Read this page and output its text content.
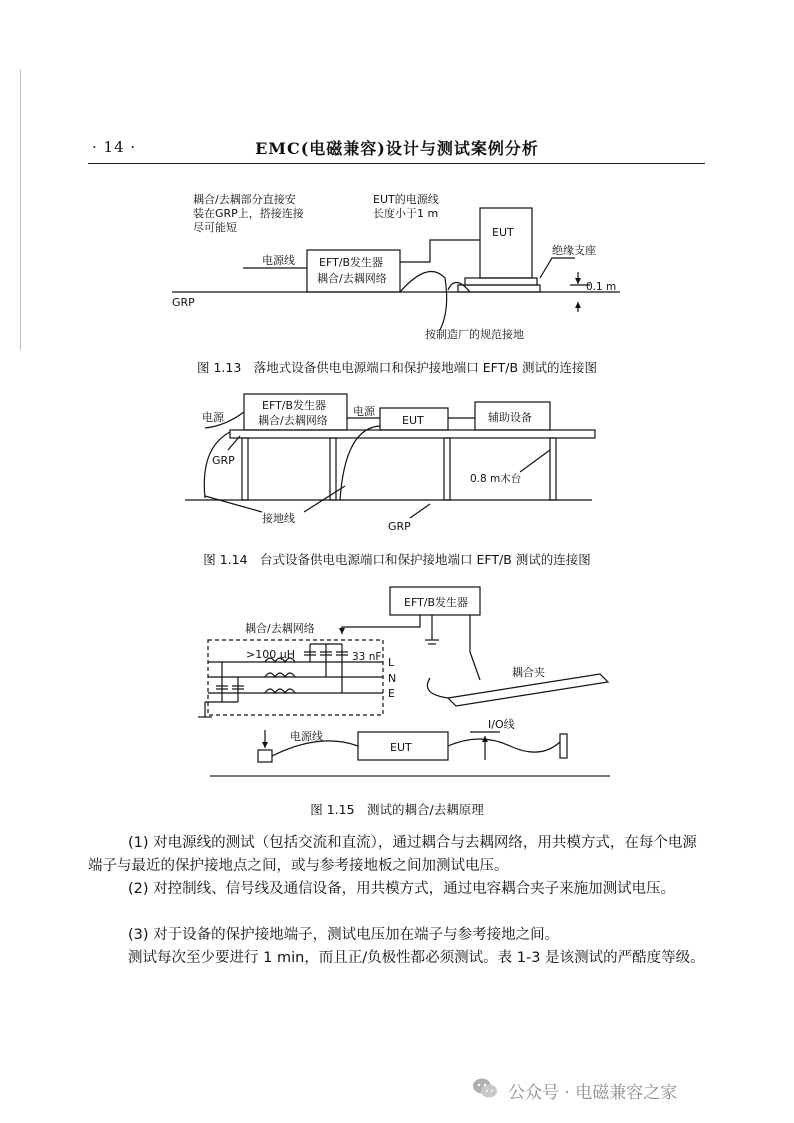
· 14 ·	EMC(电磁兼容)设计与测试案例分析
耦合/去耦部分直接安
装在GRP上，搭接连接
尽可能短
EUT的电源线
长度小于1 m
EUT
绝缘支座
电源线 EFT/B发生器
耦合/去耦网络
0.1 m
GRP
按制造厂的规范接地
图 1.13　落地式设备供电电源端口和保护接地端口 EFT/B 测试的连接图
电源
EFT/B发生器
耦合/去耦网络
电源
EUT	辅助设备
GRP
0.8 m木台
接地线
GRP
图 1.14　台式设备供电电源端口和保护接地端口 EFT/B 测试的连接图
EFT/B发生器
耦合/去耦网络
>100 μH	33 nF L
N
E
耦合夹
电源线
EUT
I/O线
图 1.15　测试的耦合/去耦原理
(1) 对电源线的测试（包括交流和直流），通过耦合与去耦网络，用共模方式，在每个电源端子与最近的保护接地点之间，或与参考接地板之间加测试电压。
(2) 对控制线、信号线及通信设备，用共模方式，通过电容耦合夹子来施加测试电压。
(3) 对于设备的保护接地端子，测试电压加在端子与参考接地之间。
测试每次至少要进行 1 min，而且正/负极性都必须测试。表 1-3 是该测试的严酷度等级。
公众号 · 电磁兼容之家
